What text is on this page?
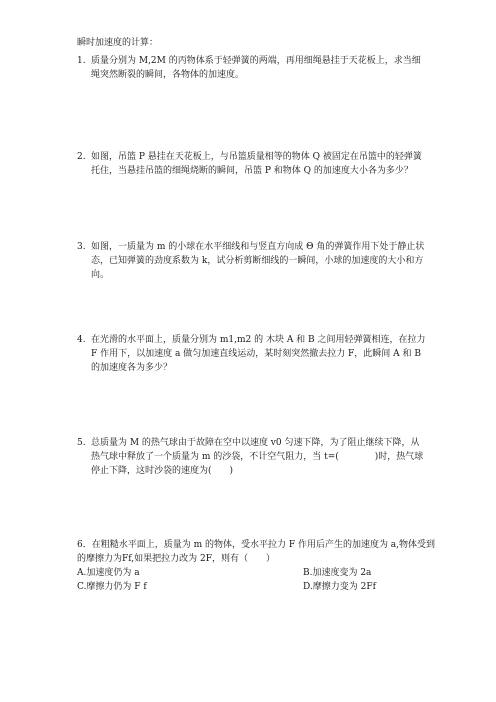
瞬时加速度的计算：
1. 质量分别为 M,2M 的丙物体系于轻弹簧的两端，再用细绳悬挂于天花板上，求当细绳突然断裂的瞬间，各物体的加速度。
2. 如图，吊篮 P 悬挂在天花板上，与吊篮质量相等的物体 Q 被固定在吊篮中的轻弹簧托住，当悬挂吊篮的细绳烧断的瞬间，吊篮 P 和物体 Q 的加速度大小各为多少？
3. 如图，一质量为 m 的小球在水平细线和与竖直方向成 Θ 角的弹簧作用下处于静止状态，已知弹簧的劲度系数为 k，试分析剪断细线的一瞬间，小球的加速度的大小和方向。
4. 在光滑的水平面上，质量分别为 m1,m2 的 木块 A 和 B 之间用轻弹簧相连，在拉力 F 作用下，以加速度 a 做匀加速直线运动，某时刻突然撤去拉力 F，此瞬间 A 和 B 的加速度各为多少？
5. 总质量为 M 的热气球由于故障在空中以速度 v0 匀速下降，为了阻止继续下降，从热气球中释放了一个质量为 m 的沙袋，不计空气阻力，当 t=(　　　　)时，热气球停止下降，这时沙袋的速度为(　　)
6．在粗糙水平面上，质量为 m 的物体，受水平拉力 F 作用后产生的加速度为 a,物体受到的摩擦力为Ff,如果把拉力改为 2F，则有（　　）
A.加速度仍为 a	B.加速度变为 2a
C.摩擦力仍为 F f	D.摩擦力变为 2Ff
